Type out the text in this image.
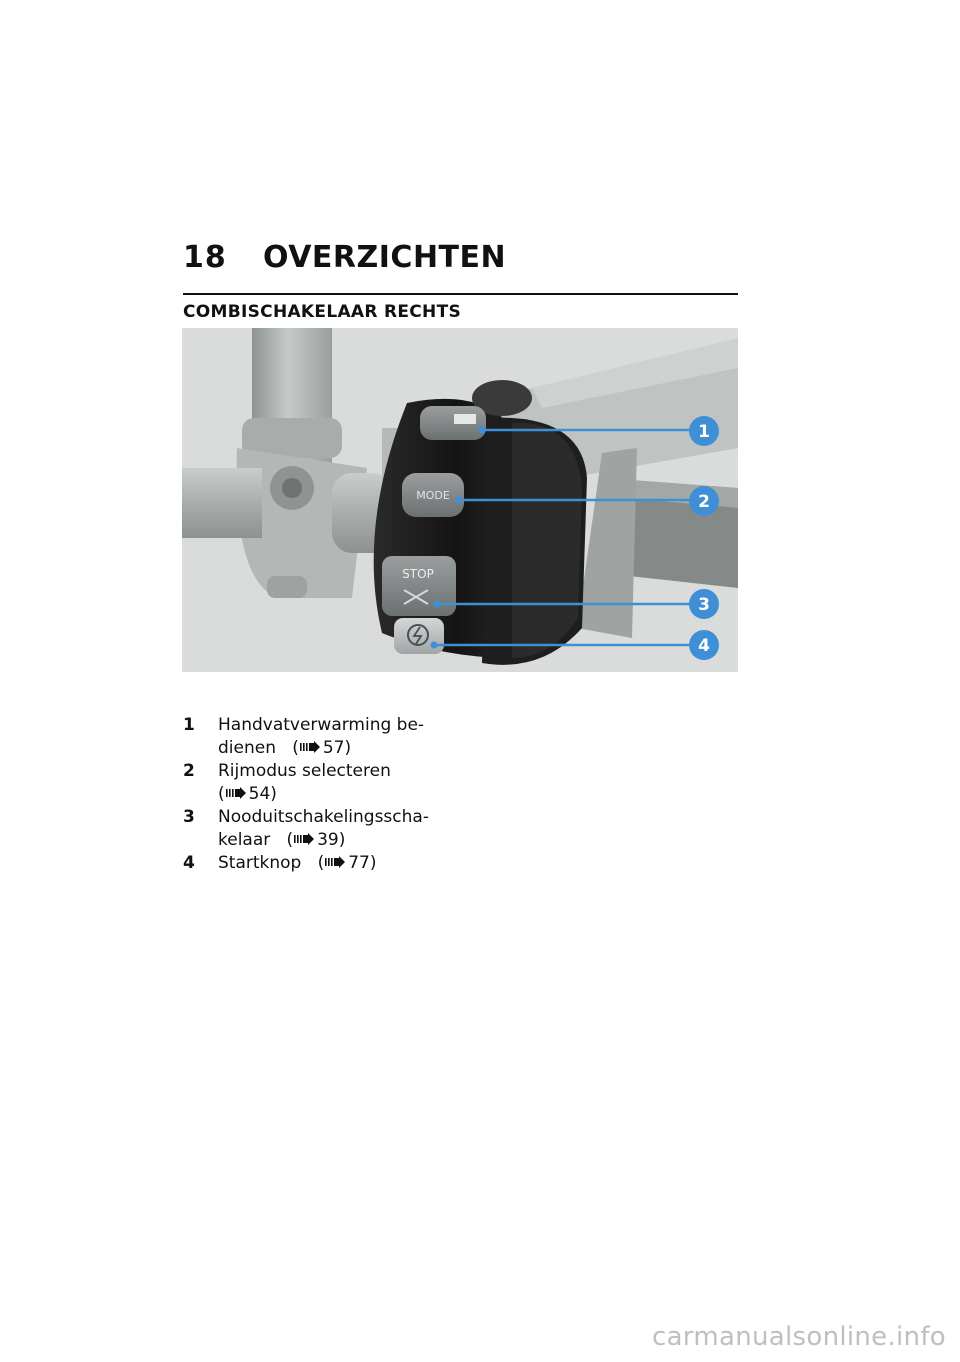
18	OVERZICHTEN
COMBISCHAKELAAR RECHTS
MODE
STOP
1
2
3
4
1	Handvatverwarming be-
dienen ( 57)
2	Rijmodus selecteren
( 54)
3	Nooduitschakelingsscha-
kelaar ( 39)
4	Startknop ( 77)
carmanualsonline.info
